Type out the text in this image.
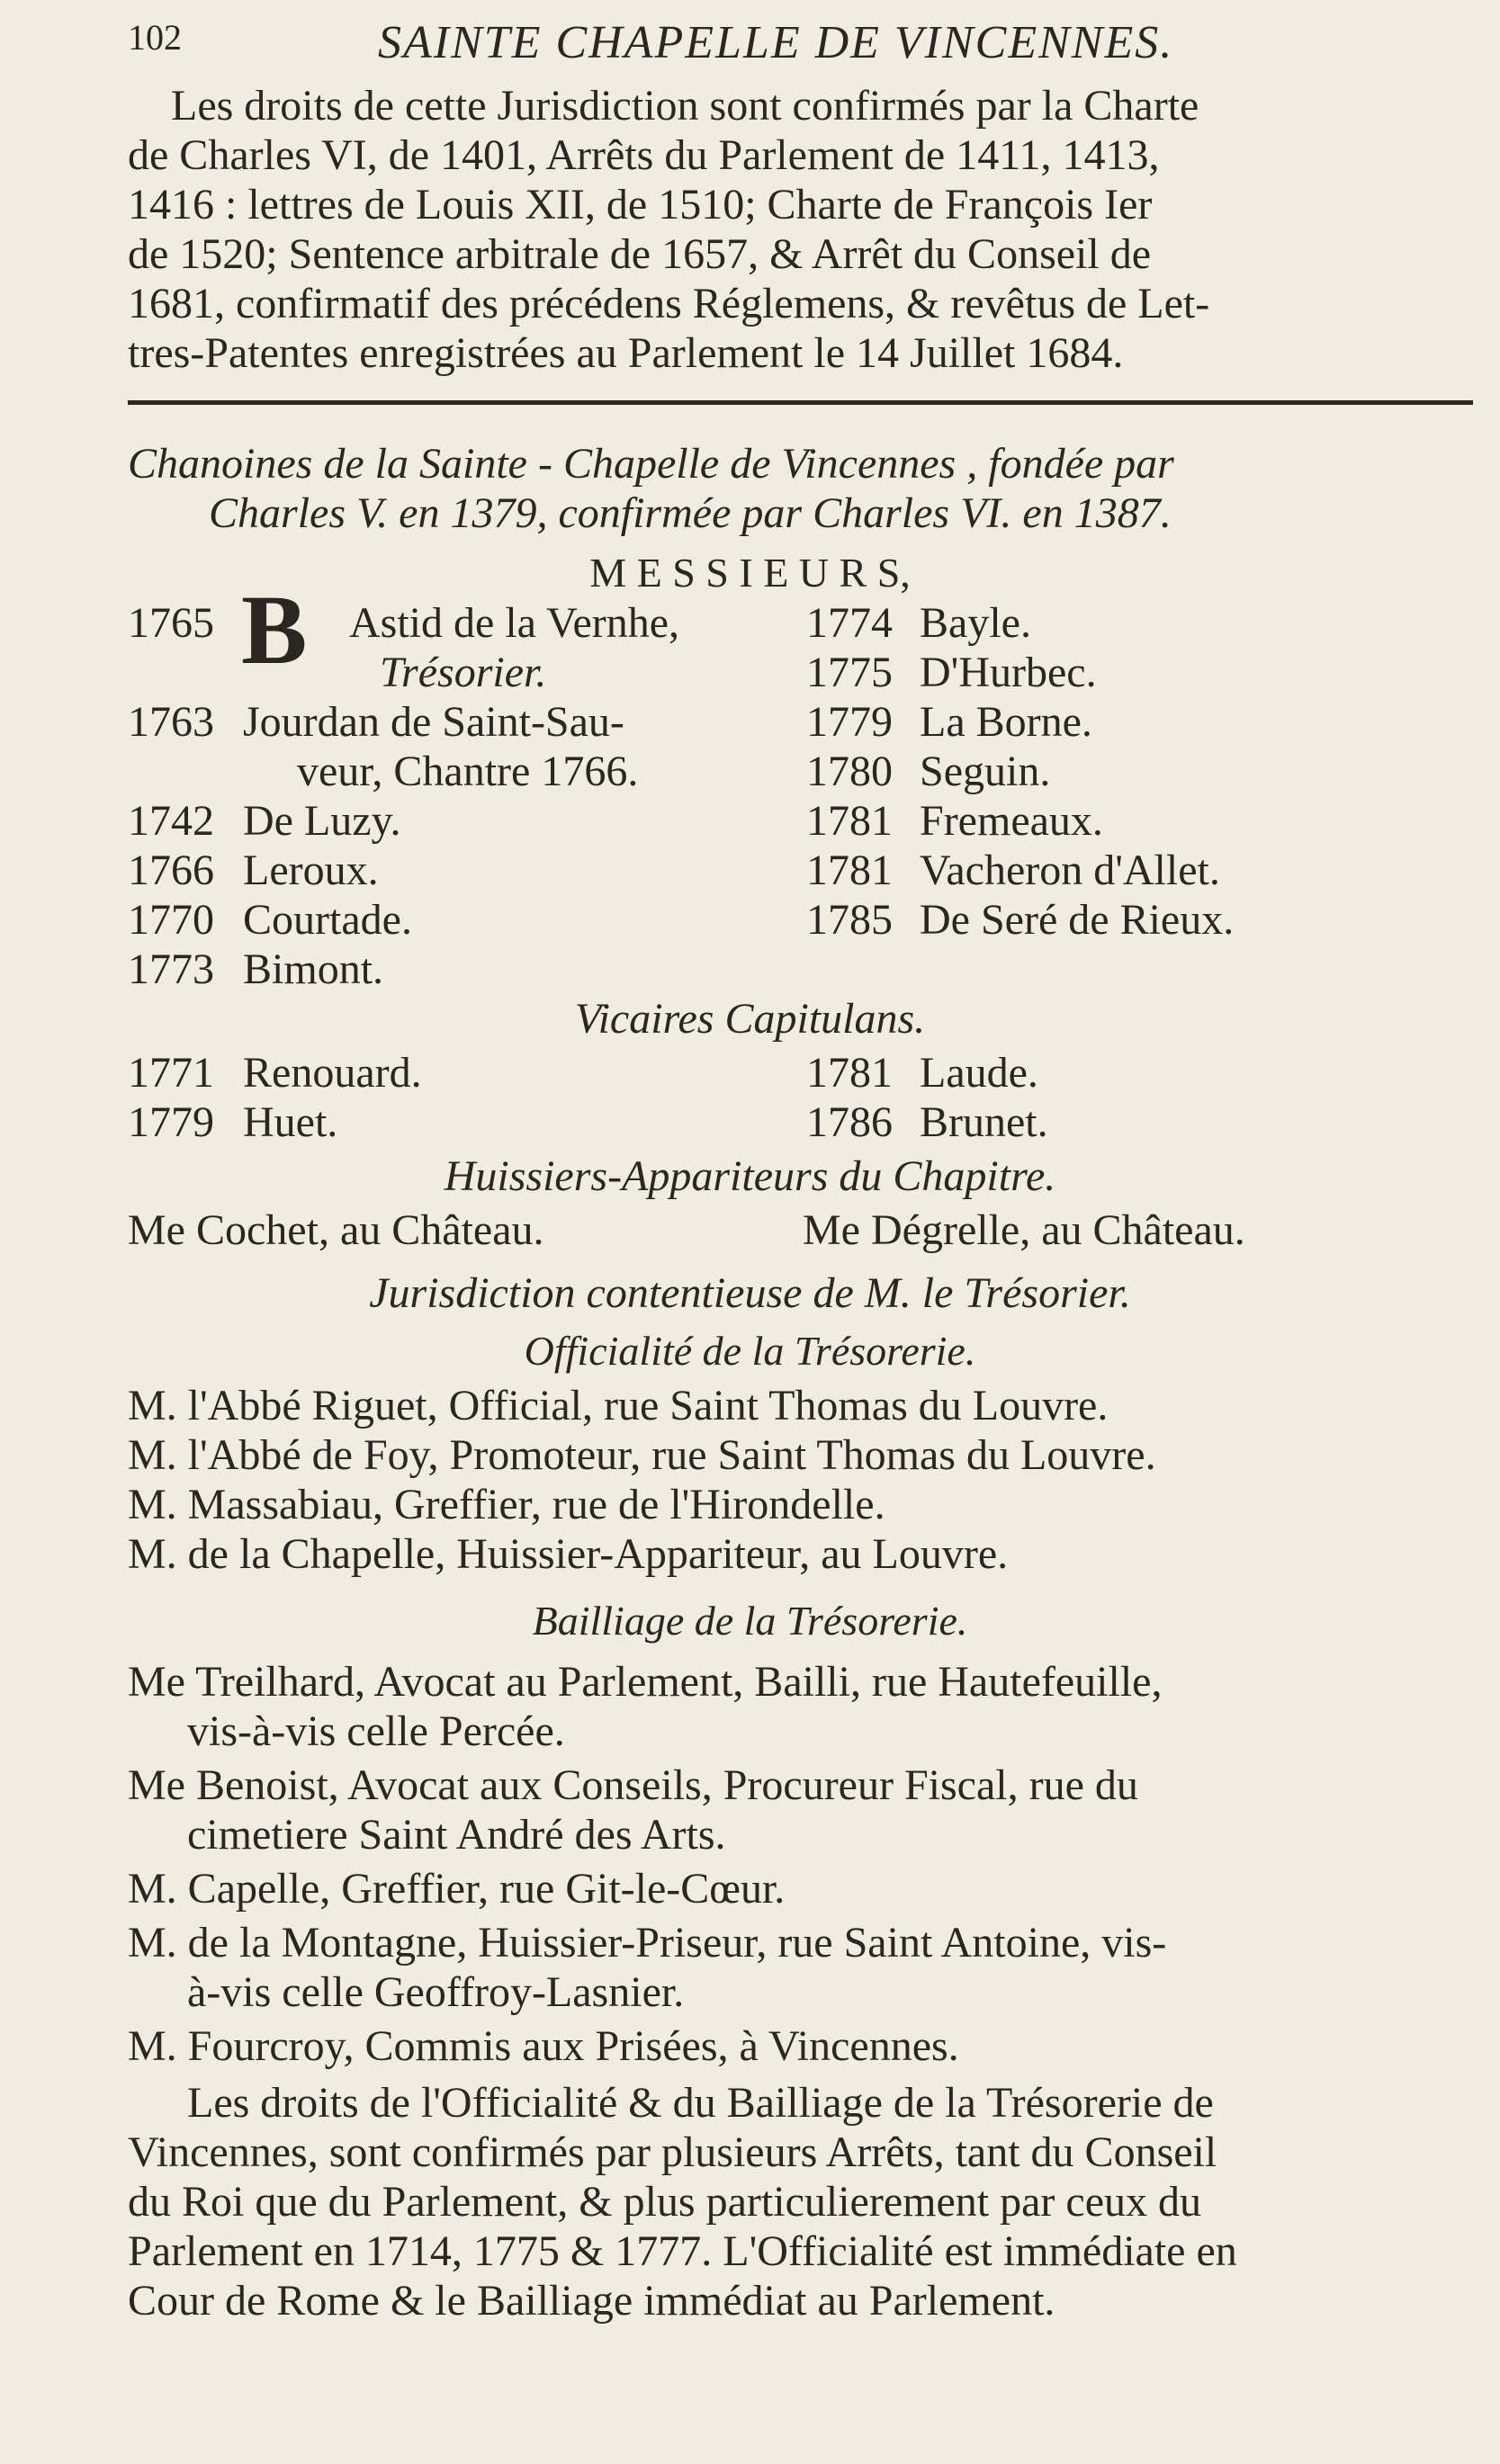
102	SAINTE CHAPELLE DE VINCENNES.
Les droits de cette Jurisdiction sont confirmés par la Charte
de Charles VI, de 1401, Arrêts du Parlement de 1411, 1413,
1416 : lettres de Louis XII, de 1510; Charte de François Ier
de 1520; Sentence arbitrale de 1657, & Arrêt du Conseil de
1681, confirmatif des précédens Réglemens, & revêtus de Let-
tres-Patentes enregistrées au Parlement le 14 Juillet 1684.
Chanoines de la Sainte - Chapelle de Vincennes , fondée par
Charles V. en 1379, confirmée par Charles VI. en 1387.
M E S S I E U R S,
1765 B Astid de la Vernhe,
Trésorier.
1763 Jourdan de Saint-Sau-
veur, Chantre 1766.
1742 De Luzy.
1766 Leroux.
1770 Courtade.
1773 Bimont.
1774 Bayle.
1775 D'Hurbec.
1779 La Borne.
1780 Seguin.
1781 Fremeaux.
1781 Vacheron d'Allet.
1785 De Seré de Rieux.
Vicaires Capitulans.
1771 Renouard.
1779 Huet.
1781 Laude.
1786 Brunet.
Huissiers-Appariteurs du Chapitre.
Me Cochet, au Château.	Me Dégrelle, au Château.
Jurisdiction contentieuse de M. le Trésorier.
Officialité de la Trésorerie.
M. l'Abbé Riguet, Official, rue Saint Thomas du Louvre.
M. l'Abbé de Foy, Promoteur, rue Saint Thomas du Louvre.
M. Massabiau, Greffier, rue de l'Hirondelle.
M. de la Chapelle, Huissier-Appariteur, au Louvre.
Bailliage de la Trésorerie.
Me Treilhard, Avocat au Parlement, Bailli, rue Hautefeuille,
vis-à-vis celle Percée.
Me Benoist, Avocat aux Conseils, Procureur Fiscal, rue du
cimetiere Saint André des Arts.
M. Capelle, Greffier, rue Git-le-Cœur.
M. de la Montagne, Huissier-Priseur, rue Saint Antoine, vis-
à-vis celle Geoffroy-Lasnier.
M. Fourcroy, Commis aux Prisées, à Vincennes.
Les droits de l'Officialité & du Bailliage de la Trésorerie de
Vincennes, sont confirmés par plusieurs Arrêts, tant du Conseil
du Roi que du Parlement, & plus particulierement par ceux du
Parlement en 1714, 1775 & 1777. L'Officialité est immédiate en
Cour de Rome & le Bailliage immédiat au Parlement.
